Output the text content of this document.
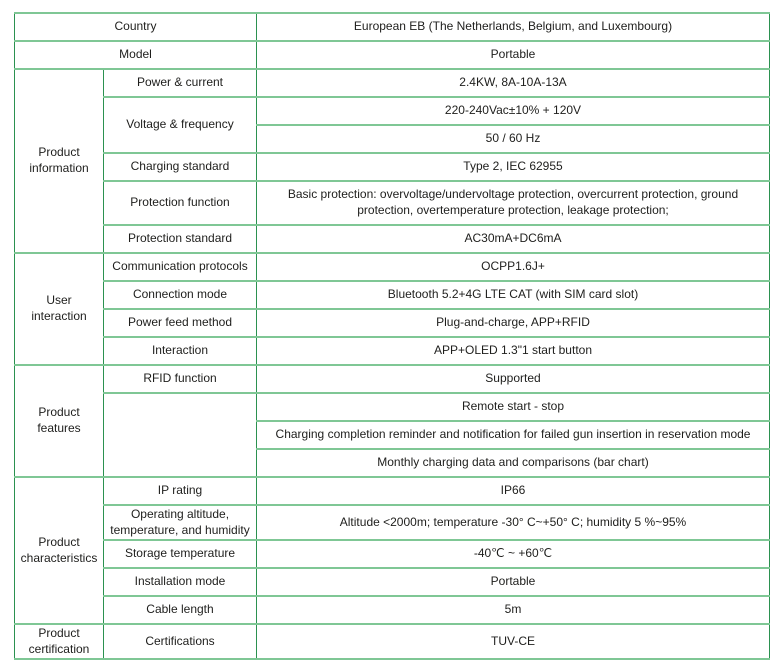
Country		European EB (The Netherlands, Belgium, and Luxembourg)
Model		Portable
Product information	Power & current	2.4KW, 8A-10A-13A
	Voltage & frequency	220-240Vac±10% + 120V
		50 / 60 Hz
	Charging standard	Type 2, IEC 62955
	Protection function	Basic protection: overvoltage/undervoltage protection, overcurrent protection, ground protection, overtemperature protection, leakage protection;
	Protection standard	AC30mA+DC6mA
User interaction	Communication protocols	OCPP1.6J+
	Connection mode	Bluetooth 5.2+4G LTE CAT (with SIM card slot)
	Power feed method	Plug-and-charge, APP+RFID
	Interaction	APP+OLED 1.3"1 start button
Product features	RFID function	Supported
		Remote start - stop
		Charging completion reminder and notification for failed gun insertion in reservation mode
		Monthly charging data and comparisons (bar chart)
Product characteristics	IP rating	IP66
	Operating altitude, temperature, and humidity	Altitude <2000m; temperature -30° C~+50° C; humidity 5 %~95%
	Storage temperature	-40℃ ~ +60℃
	Installation mode	Portable
	Cable length	5m
Product certification	Certifications	TUV-CE
